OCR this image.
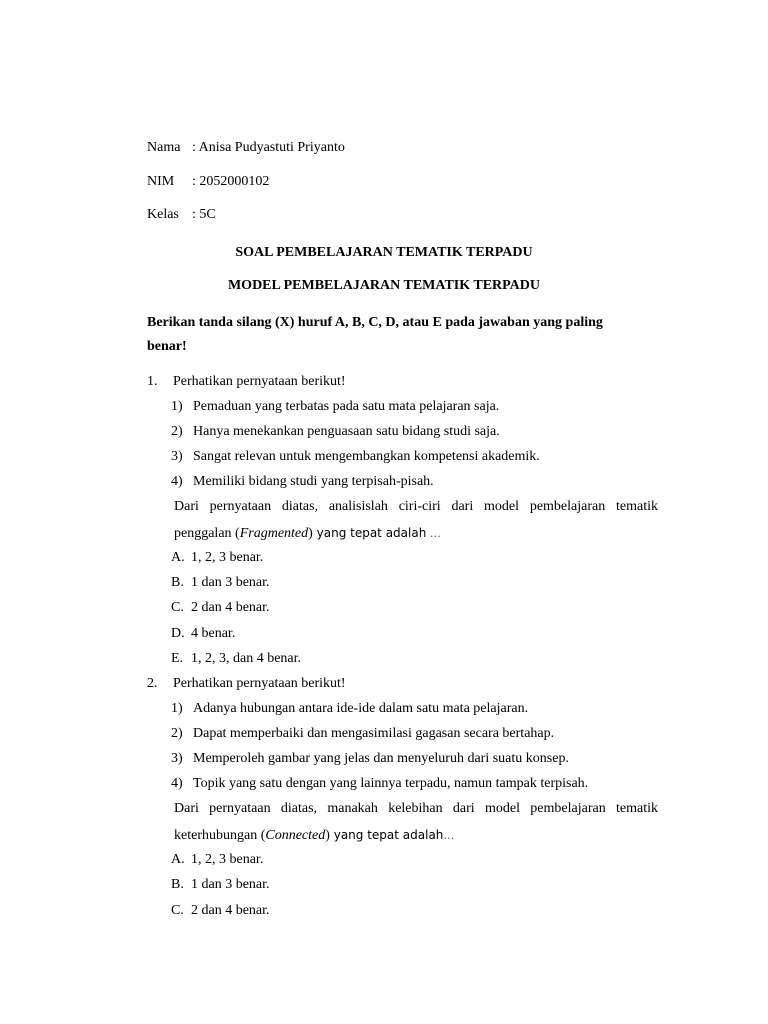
Nama : Anisa Pudyastuti Priyanto
NIM : 2052000102
Kelas : 5C
SOAL PEMBELAJARAN TEMATIK TERPADU
MODEL PEMBELAJARAN TEMATIK TERPADU
Berikan tanda silang (X) huruf A, B, C, D, atau E pada jawaban yang paling
benar!
1. Perhatikan pernyataan berikut!
1) Pemaduan yang terbatas pada satu mata pelajaran saja.
2) Hanya menekankan penguasaan satu bidang studi saja.
3) Sangat relevan untuk mengembangkan kompetensi akademik.
4) Memiliki bidang studi yang terpisah-pisah.
Dari pernyataan diatas, analisislah ciri-ciri dari model pembelajaran tematik
penggalan (Fragmented) yang tepat adalah …
A. 1, 2, 3 benar.
B. 1 dan 3 benar.
C. 2 dan 4 benar.
D. 4 benar.
E. 1, 2, 3, dan 4 benar.
2. Perhatikan pernyataan berikut!
1) Adanya hubungan antara ide-ide dalam satu mata pelajaran.
2) Dapat memperbaiki dan mengasimilasi gagasan secara bertahap.
3) Memperoleh gambar yang jelas dan menyeluruh dari suatu konsep.
4) Topik yang satu dengan yang lainnya terpadu, namun tampak terpisah.
Dari pernyataan diatas, manakah kelebihan dari model pembelajaran tematik
keterhubungan (Connected) yang tepat adalah…
A. 1, 2, 3 benar.
B. 1 dan 3 benar.
C. 2 dan 4 benar.
